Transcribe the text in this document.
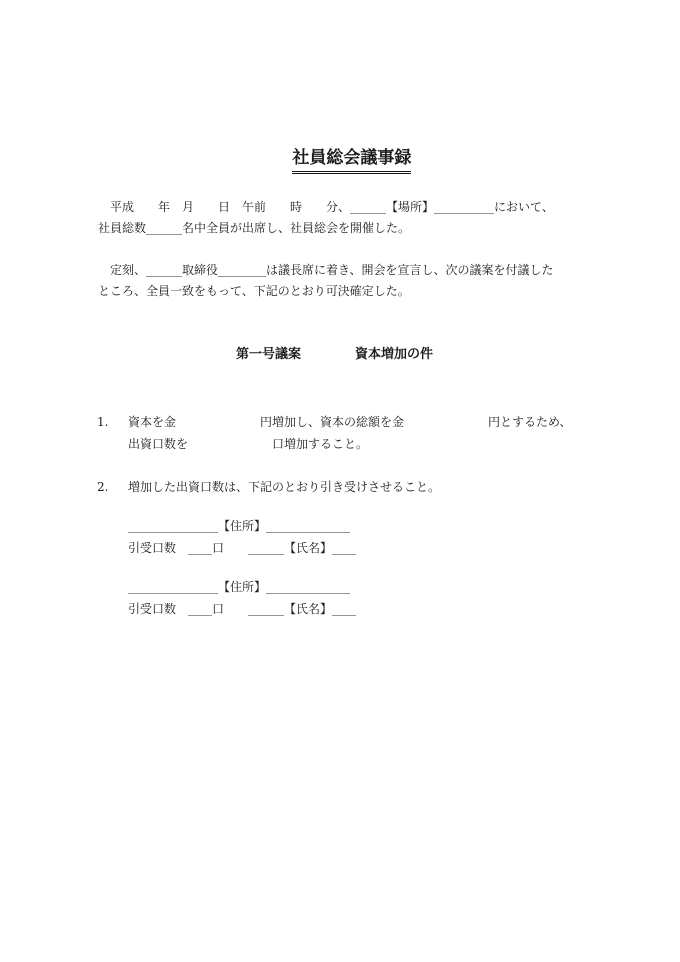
社員総会議事録

平成　　年　月　　日　午前　　時　　分、______【場所】__________において、
社員総数______名中全員が出席し、社員総会を開催した。
定刻、______取締役________は議長席に着き、開会を宣言し、次の議案を付議した
ところ、全員一致をもって、下記のとおり可決確定した。
第一号議案	資本増加の件
1. 資本を金　　　　　　　円増加し、資本の総額を金　　　　　　　円とするため、
出資口数を　　　　　　　口増加すること。
2. 増加した出資口数は、下記のとおり引き受けさせること。
_______________【住所】______________
引受口数　____口　　______【氏名】____
_______________【住所】______________
引受口数　____口　　______【氏名】____
